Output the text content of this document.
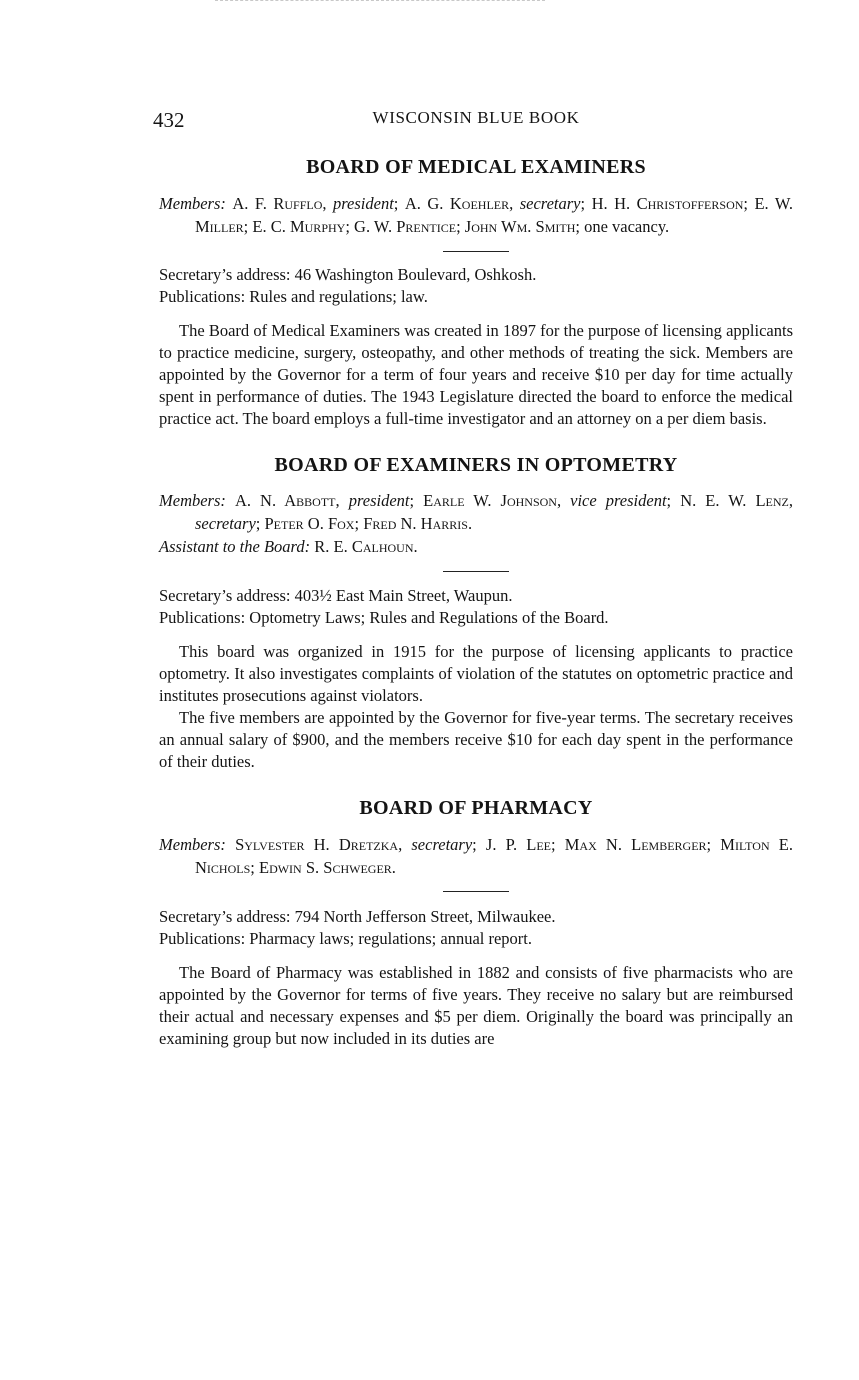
432	WISCONSIN BLUE BOOK
BOARD OF MEDICAL EXAMINERS

Members: A. F. Rufflo, president; A. G. Koehler, secretary; H. H. Christofferson; E. W. Miller; E. C. Murphy; G. W. Prentice; John Wm. Smith; one vacancy.

Secretary’s address: 46 Washington Boulevard, Oshkosh.

Publications: Rules and regulations; law.

The Board of Medical Examiners was created in 1897 for the purpose of licensing applicants to practice medicine, surgery, osteopathy, and other methods of treating the sick. Members are appointed by the Governor for a term of four years and receive $10 per day for time actually spent in performance of duties. The 1943 Legislature directed the board to enforce the medical practice act. The board employs a full-time investigator and an attorney on a per diem basis.

BOARD OF EXAMINERS IN OPTOMETRY

Members: A. N. Abbott, president; Earle W. Johnson, vice president; N. E. W. Lenz, secretary; Peter O. Fox; Fred N. Harris.

Assistant to the Board: R. E. Calhoun.

Secretary’s address: 403½ East Main Street, Waupun.

Publications: Optometry Laws; Rules and Regulations of the Board.

This board was organized in 1915 for the purpose of licensing applicants to practice optometry. It also investigates complaints of violation of the statutes on optometric practice and institutes prosecutions against violators.

The five members are appointed by the Governor for five-year terms. The secretary receives an annual salary of $900, and the members receive $10 for each day spent in the performance of their duties.

BOARD OF PHARMACY

Members: Sylvester H. Dretzka, secretary; J. P. Lee; Max N. Lemberger; Milton E. Nichols; Edwin S. Schweger.

Secretary’s address: 794 North Jefferson Street, Milwaukee.

Publications: Pharmacy laws; regulations; annual report.

The Board of Pharmacy was established in 1882 and consists of five pharmacists who are appointed by the Governor for terms of five years. They receive no salary but are reimbursed their actual and necessary expenses and $5 per diem. Originally the board was principally an examining group but now included in its duties are
